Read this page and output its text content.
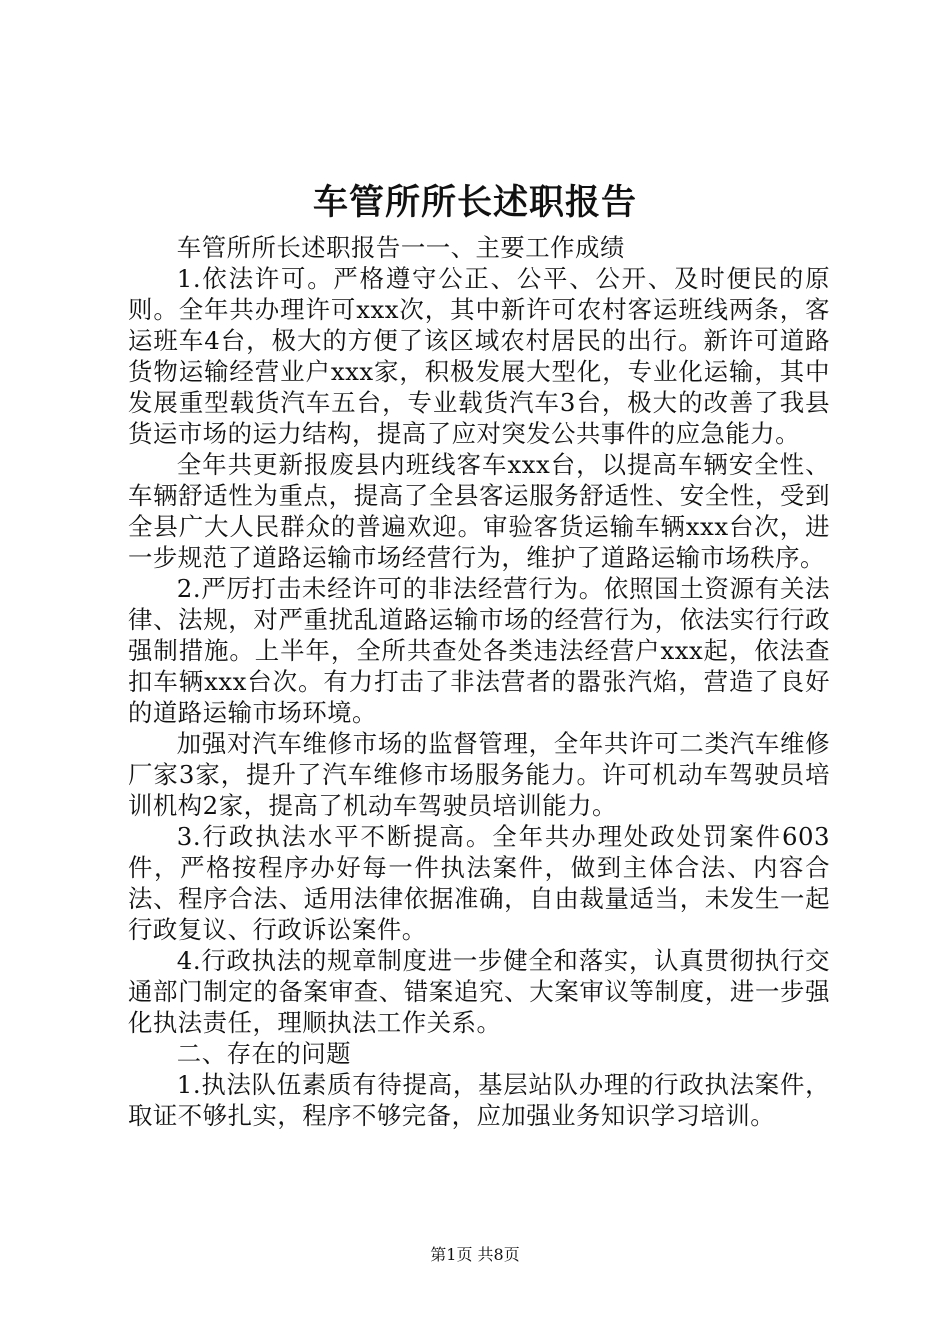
车管所所长述职报告

车管所所长述职报告一一、主要工作成绩

1.依法许可。严格遵守公正、公平、公开、及时便民的原则。全年共办理许可xxx次，其中新许可农村客运班线两条，客运班车4台，极大的方便了该区域农村居民的出行。新许可道路货物运输经营业户xxx家，积极发展大型化，专业化运输，其中发展重型载货汽车五台，专业载货汽车3台，极大的改善了我县货运市场的运力结构，提高了应对突发公共事件的应急能力。

全年共更新报废县内班线客车xxx台，以提高车辆安全性、车辆舒适性为重点，提高了全县客运服务舒适性、安全性，受到全县广大人民群众的普遍欢迎。审验客货运输车辆xxx台次，进一步规范了道路运输市场经营行为，维护了道路运输市场秩序。

2.严厉打击未经许可的非法经营行为。依照国土资源有关法律、法规，对严重扰乱道路运输市场的经营行为，依法实行行政强制措施。上半年，全所共查处各类违法经营户xxx起，依法查扣车辆xxx台次。有力打击了非法营者的嚣张汽焰，营造了良好的道路运输市场环境。

加强对汽车维修市场的监督管理，全年共许可二类汽车维修厂家3家，提升了汽车维修市场服务能力。许可机动车驾驶员培训机构2家，提高了机动车驾驶员培训能力。

3.行政执法水平不断提高。全年共办理处政处罚案件603件，严格按程序办好每一件执法案件，做到主体合法、内容合法、程序合法、适用法律依据准确，自由裁量适当，未发生一起行政复议、行政诉讼案件。

4.行政执法的规章制度进一步健全和落实，认真贯彻执行交通部门制定的备案审查、错案追究、大案审议等制度，进一步强化执法责任，理顺执法工作关系。

二、存在的问题

1.执法队伍素质有待提高，基层站队办理的行政执法案件，取证不够扎实，程序不够完备，应加强业务知识学习培训。

第1页 共8页
